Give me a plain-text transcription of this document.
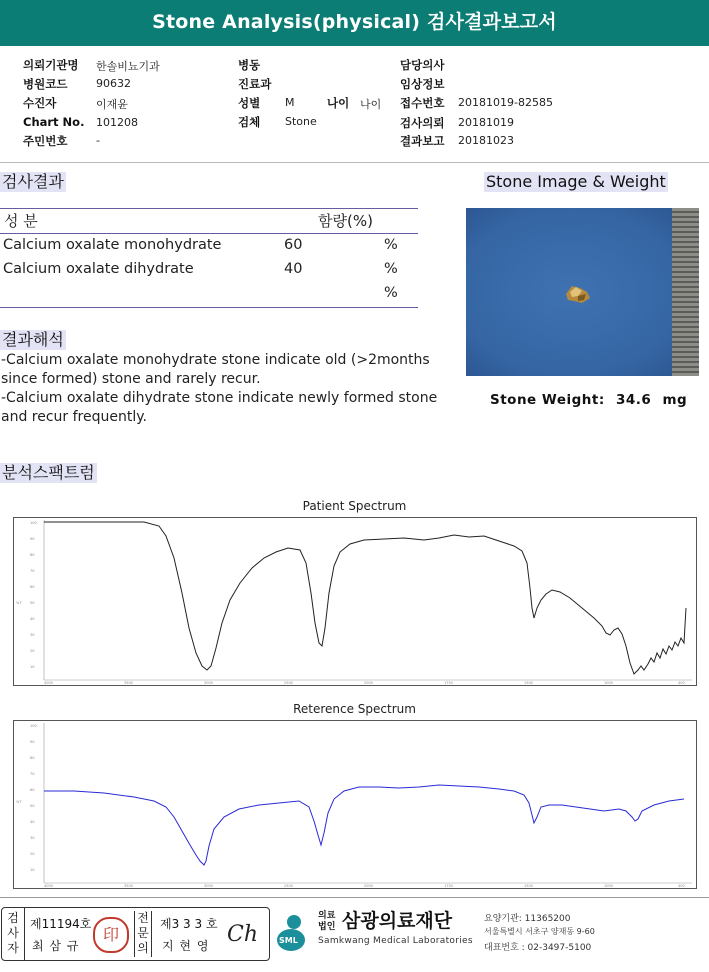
Stone Analysis(physical) 검사결과보고서
의뢰기관명 한솔비뇨기과
병원코드	90632
수진자	이재윤
Chart No. 101208
주민번호	-
병동
진료과
성별 M	나이 나이
검체 Stone
담당의사
임상정보
접수번호 20181019-82585
검사의뢰 20181019
결과보고 20181023
검사결과	Stone Image & Weight
성 분	함량(%)
Calcium oxalate monohydrate	60	%
Calcium oxalate dihydrate	40	%
%
Stone Weight: 34.6 mg
결과해석
-Calcium oxalate monohydrate stone indicate old (>2months since formed) stone and rarely recur.
-Calcium oxalate dihydrate stone indicate newly formed stone and recur frequently.
분석스팩트럼
Patient Spectrum
100
90
80
70
60
50
40
30
20
10
%T
4000	3500	3000	2500	2000	1750	1500	1000	400
Reterence Spectrum
100
90
80
70
60
50
40
30
20
10
%T
4000	3500	3000	2500	2000	1750	1500	1000	400
검사자
제11194호
최 삼 규
印
전문의
제3 3 3 호
지 현 영 Ch	SML
의료
법인 삼광의료재단
Samkwang Medical Laboratories
요양기관: 11365200
서울특별시 서초구 양재동 9-60
대표번호 : 02-3497-5100
